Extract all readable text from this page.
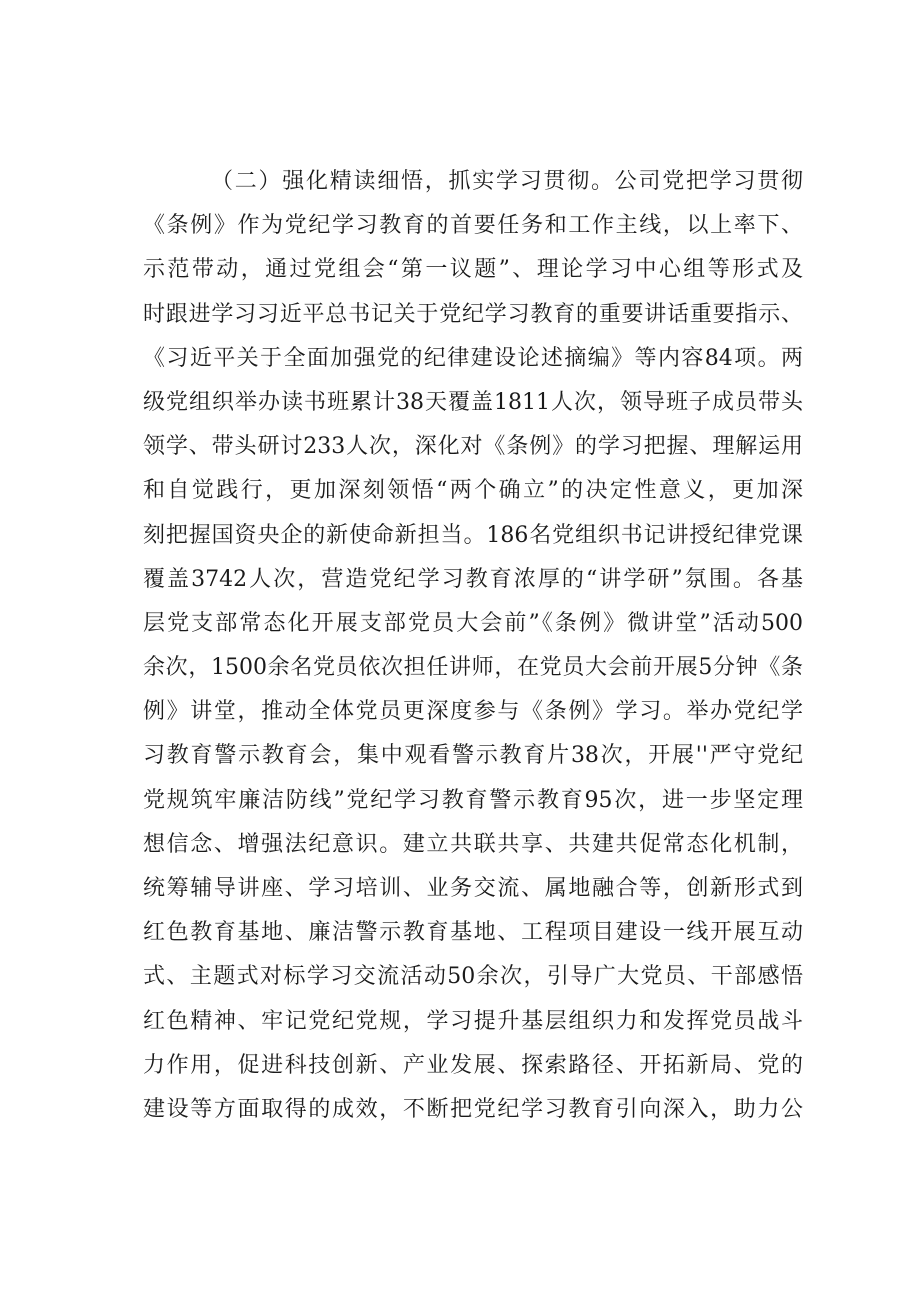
（二）强化精读细悟，抓实学习贯彻。公司党把学习贯彻
《条例》作为党纪学习教育的首要任务和工作主线，以上率下、
示范带动，通过党组会“第一议题”、理论学习中心组等形式及
时跟进学习习近平总书记关于党纪学习教育的重要讲话重要指示、
《习近平关于全面加强党的纪律建设论述摘编》等内容84项。两
级党组织举办读书班累计38天覆盖1811人次，领导班子成员带头
领学、带头研讨233人次，深化对《条例》的学习把握、理解运用
和自觉践行，更加深刻领悟“两个确立”的决定性意义，更加深
刻把握国资央企的新使命新担当。186名党组织书记讲授纪律党课
覆盖3742人次，营造党纪学习教育浓厚的“讲学研”氛围。各基
层党支部常态化开展支部党员大会前”《条例》微讲堂”活动500
余次，1500余名党员依次担任讲师，在党员大会前开展5分钟《条
例》讲堂，推动全体党员更深度参与《条例》学习。举办党纪学
习教育警示教育会，集中观看警示教育片38次，开展''严守党纪
党规筑牢廉洁防线”党纪学习教育警示教育95次，进一步坚定理
想信念、增强法纪意识。建立共联共享、共建共促常态化机制，
统筹辅导讲座、学习培训、业务交流、属地融合等，创新形式到
红色教育基地、廉洁警示教育基地、工程项目建设一线开展互动
式、主题式对标学习交流活动50余次，引导广大党员、干部感悟
红色精神、牢记党纪党规，学习提升基层组织力和发挥党员战斗
力作用，促进科技创新、产业发展、探索路径、开拓新局、党的
建设等方面取得的成效，不断把党纪学习教育引向深入，助力公
